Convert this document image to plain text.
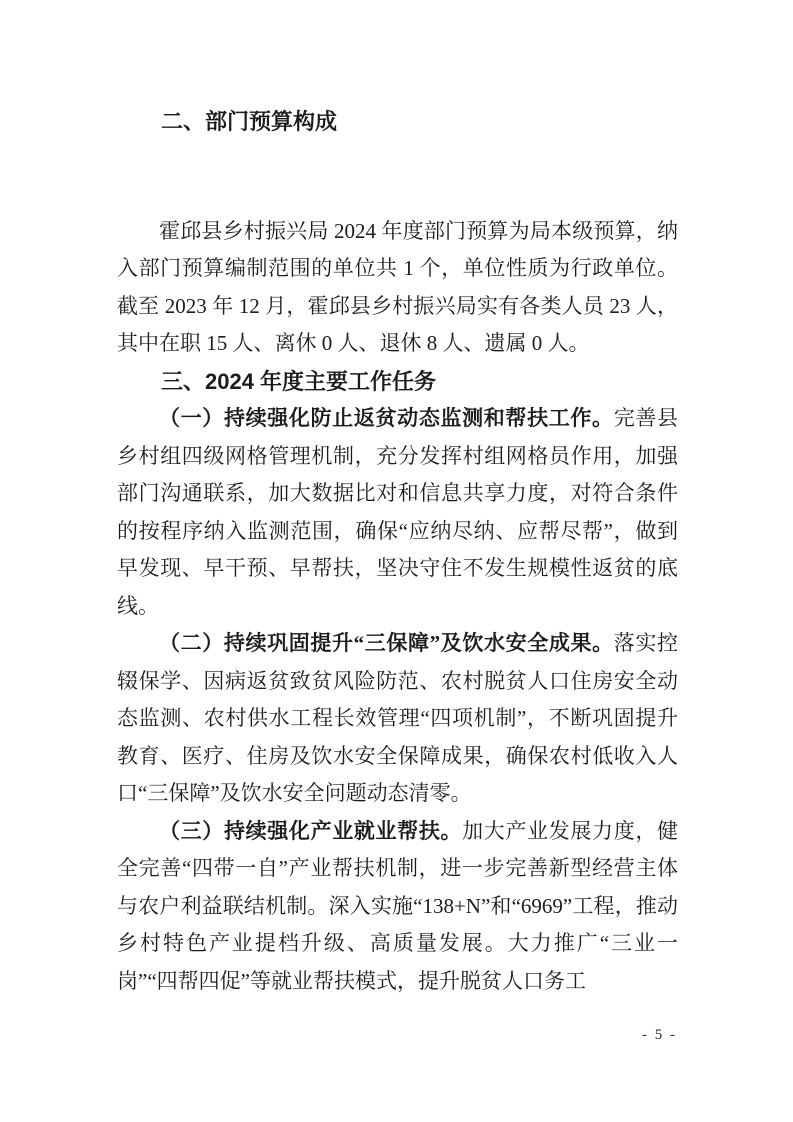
二、部门预算构成

霍邱县乡村振兴局 2024 年度部门预算为局本级预算，纳入部门预算编制范围的单位共 1 个，单位性质为行政单位。截至 2023 年 12 月，霍邱县乡村振兴局实有各类人员 23 人，其中在职 15 人、离休 0 人、退休 8 人、遗属 0 人。

三、2024 年度主要工作任务

（一）持续强化防止返贫动态监测和帮扶工作。完善县乡村组四级网格管理机制，充分发挥村组网格员作用，加强部门沟通联系，加大数据比对和信息共享力度，对符合条件的按程序纳入监测范围，确保“应纳尽纳、应帮尽帮”，做到早发现、早干预、早帮扶，坚决守住不发生规模性返贫的底线。

（二）持续巩固提升“三保障”及饮水安全成果。落实控辍保学、因病返贫致贫风险防范、农村脱贫人口住房安全动态监测、农村供水工程长效管理“四项机制”，不断巩固提升教育、医疗、住房及饮水安全保障成果，确保农村低收入人口“三保障”及饮水安全问题动态清零。

（三）持续强化产业就业帮扶。加大产业发展力度，健全完善“四带一自”产业帮扶机制，进一步完善新型经营主体与农户利益联结机制。深入实施“138+N”和“6969”工程，推动乡村特色产业提档升级、高质量发展。大力推广“三业一岗”“四帮四促”等就业帮扶模式，提升脱贫人口务工

- 5 -
